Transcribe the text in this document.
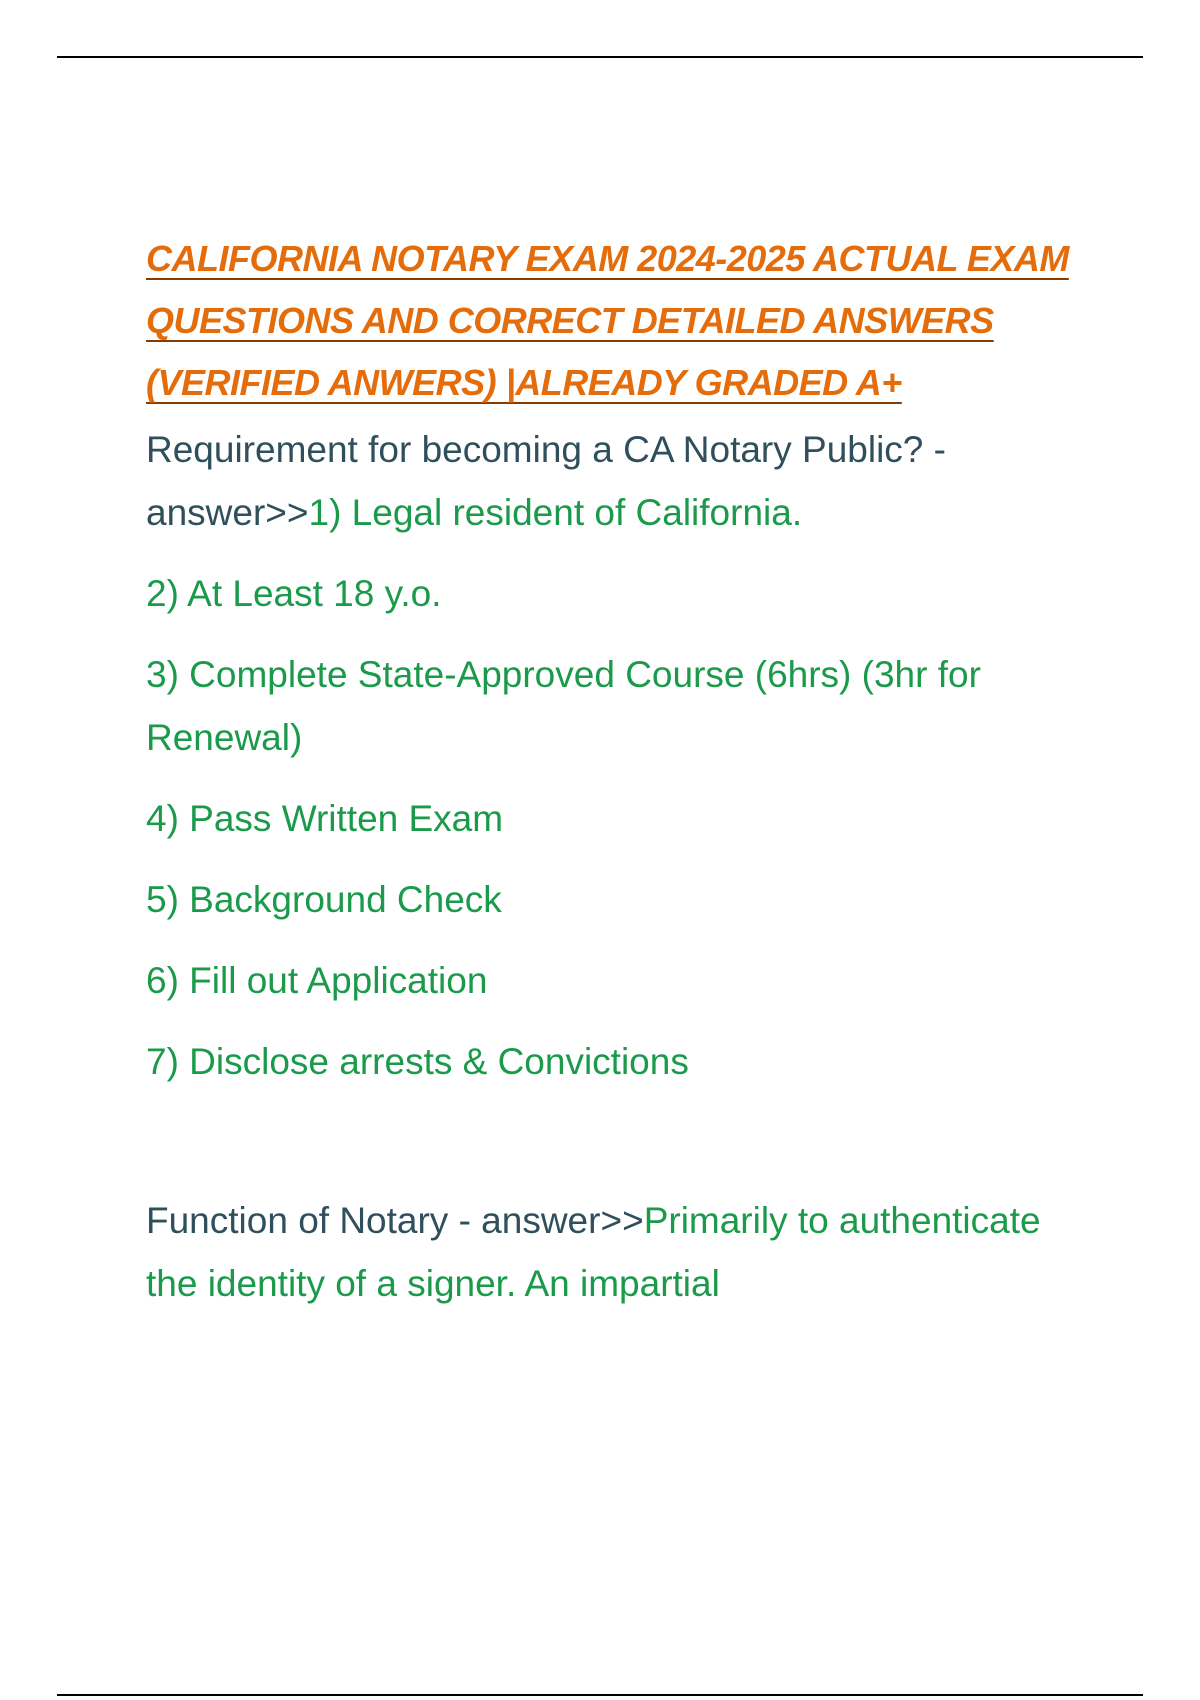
CALIFORNIA NOTARY EXAM 2024-2025 ACTUAL EXAM QUESTIONS AND CORRECT DETAILED ANSWERS (VERIFIED ANWERS) |ALREADY GRADED A+

Requirement for becoming a CA Notary Public? - answer>>1) Legal resident of California.

2) At Least 18 y.o.

3) Complete State-Approved Course (6hrs) (3hr for Renewal)

4) Pass Written Exam

5) Background Check

6) Fill out Application

7) Disclose arrests & Convictions

Function of Notary - answer>>Primarily to authenticate the identity of a signer. An impartial
